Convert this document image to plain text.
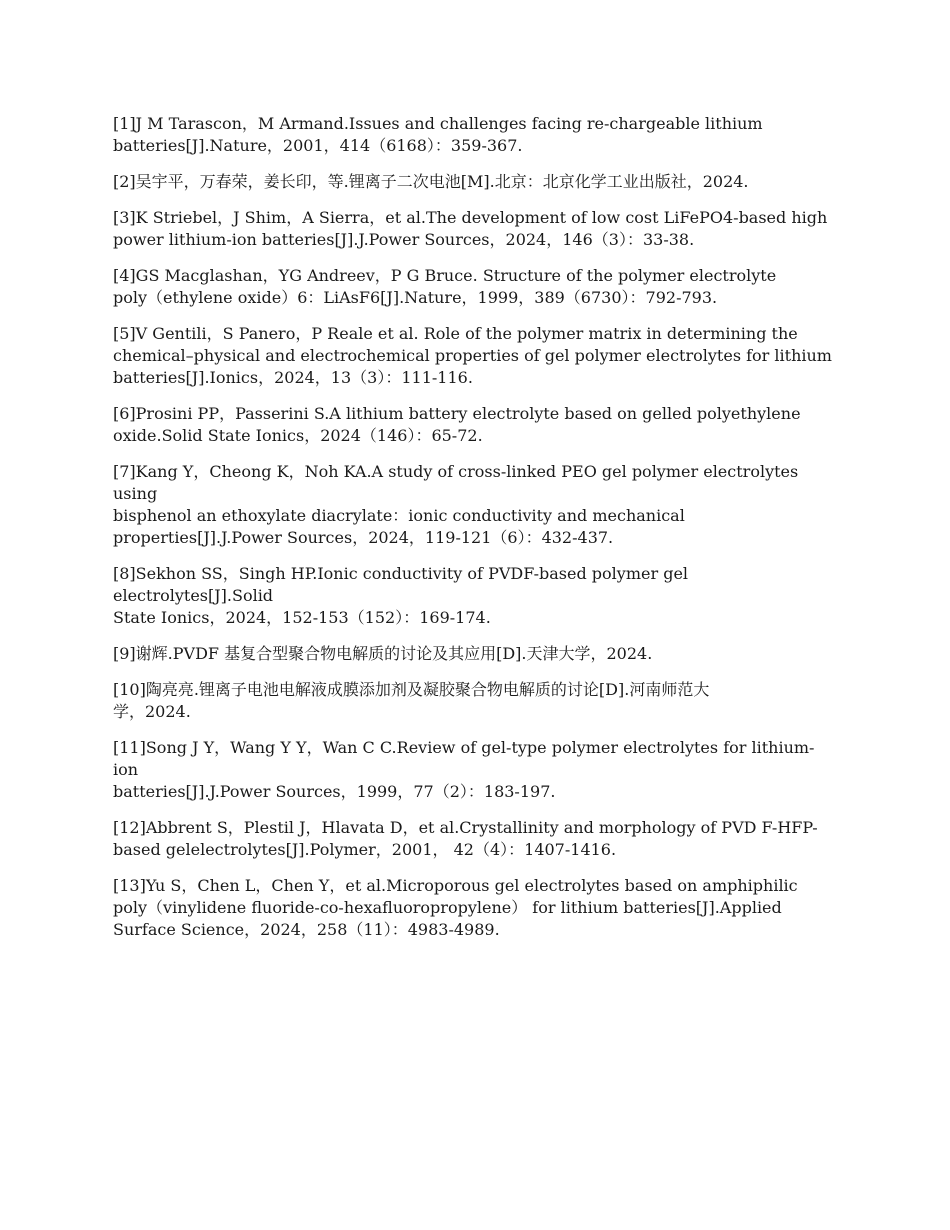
[1]J M Tarascon，M Armand.Issues and challenges facing re-chargeable lithium
batteries[J].Nature，2001，414（6168）：359-367.

[2]吴宇平，万春荣，姜长印，等.锂离子二次电池[M].北京：北京化学工业出版社，2024.

[3]K Striebel，J Shim，A Sierra，et al.The development of low cost LiFePO4-based high
power lithium-ion batteries[J].J.Power Sources，2024，146（3）：33-38.

[4]GS Macglashan，YG Andreev，P G Bruce. Structure of the polymer electrolyte
poly（ethylene oxide）6：LiAsF6[J].Nature，1999，389（6730）：792-793.

[5]V Gentili，S Panero，P Reale et al. Role of the polymer matrix in determining the
chemical–physical and electrochemical properties of gel polymer electrolytes for lithium
batteries[J].Ionics，2024，13（3）：111-116.

[6]Prosini PP，Passerini S.A lithium battery electrolyte based on gelled polyethylene
oxide.Solid State Ionics，2024（146）：65-72.

[7]Kang Y，Cheong K，Noh KA.A study of cross-linked PEO gel polymer electrolytes using
bisphenol an ethoxylate diacrylate：ionic conductivity and mechanical
properties[J].J.Power Sources，2024，119-121（6）：432-437.

[8]Sekhon SS，Singh HP.Ionic conductivity of PVDF-based polymer gel electrolytes[J].Solid
State Ionics，2024，152-153（152）：169-174.

[9]谢辉.PVDF 基复合型聚合物电解质的讨论及其应用[D].天津大学，2024.

[10]陶亮亮.锂离子电池电解液成膜添加剂及凝胶聚合物电解质的讨论[D].河南师范大
学，2024.

[11]Song J Y，Wang Y Y，Wan C C.Review of gel-type polymer electrolytes for lithium-ion
batteries[J].J.Power Sources，1999，77（2）：183-197.

[12]Abbrent S，Plestil J，Hlavata D，et al.Crystallinity and morphology of PVD F-HFP-
based gelelectrolytes[J].Polymer，2001， 42（4）：1407-1416.

[13]Yu S，Chen L，Chen Y，et al.Microporous gel electrolytes based on amphiphilic
poly（vinylidene fluoride-co-hexafluoropropylene） for lithium batteries[J].Applied
Surface Science，2024，258（11）：4983-4989.
